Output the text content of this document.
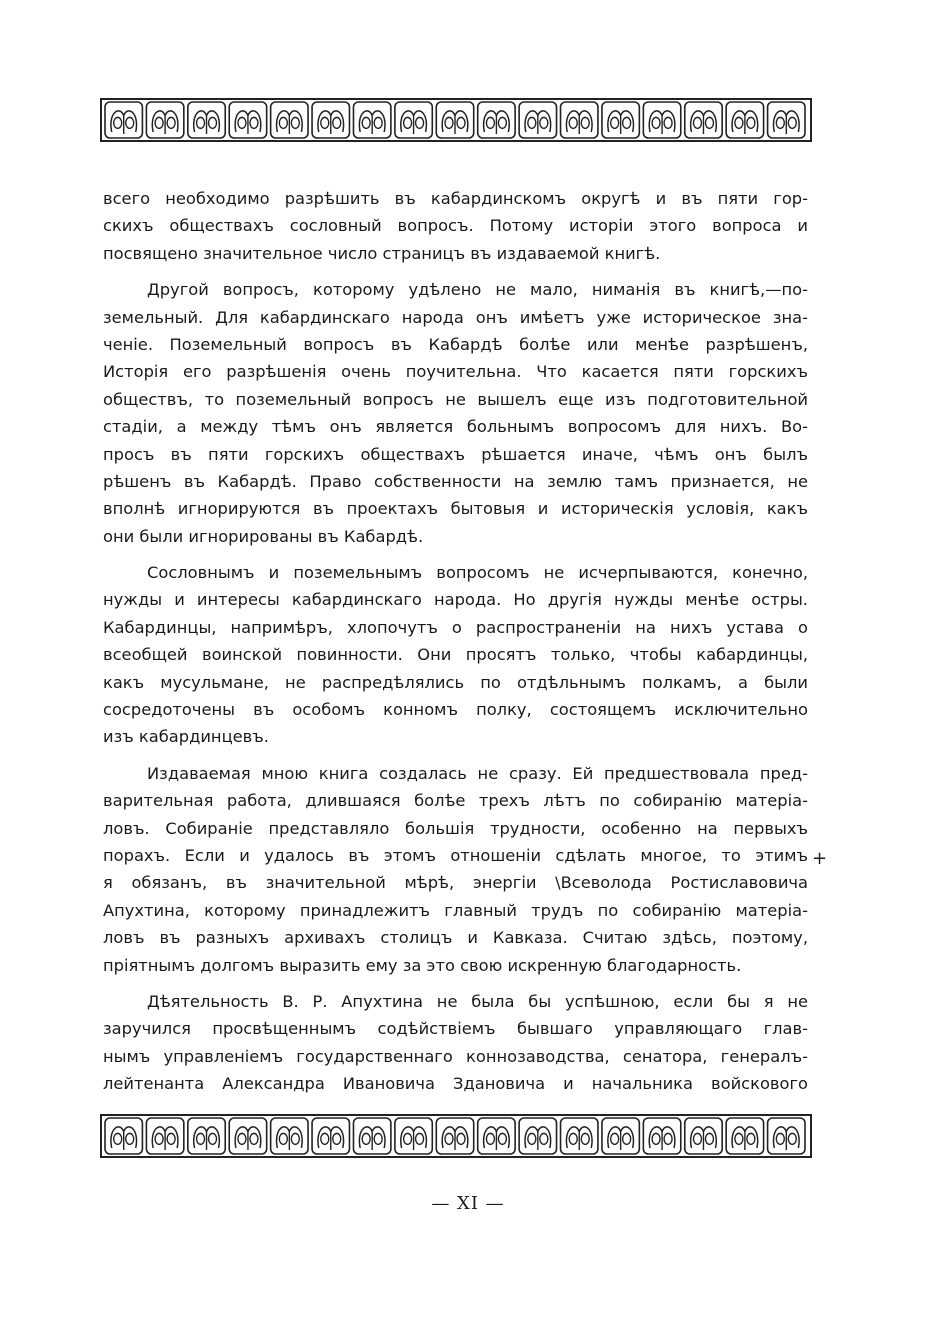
всего необходимо разрѣшить въ кабардинскомъ округѣ и въ пяти гор-
скихъ обществахъ сословный вопросъ. Потому исторіи этого вопроса и
посвящено значительное число страницъ въ издаваемой книгѣ.
Другой вопросъ, которому удѣлено не мало, ниманія въ книгѣ,—по-
земельный. Для кабардинскаго народа онъ имѣетъ уже историческое зна-
ченіе. Поземельный вопросъ въ Кабардѣ болѣе или менѣе разрѣшенъ,
Исторія его разрѣшенія очень поучительна. Что касается пяти горскихъ
обществъ, то поземельный вопросъ не вышелъ еще изъ подготовительной
стадіи, а между тѣмъ онъ является больнымъ вопросомъ для нихъ. Во-
просъ въ пяти горскихъ обществахъ рѣшается иначе, чѣмъ онъ былъ
рѣшенъ въ Кабардѣ. Право собственности на землю тамъ признается, не
вполнѣ игнорируются въ проектахъ бытовыя и историческія условія, какъ
они были игнорированы въ Кабардѣ.
Сословнымъ и поземельнымъ вопросомъ не исчерпываются, конечно,
нужды и интересы кабардинскаго народа. Но другія нужды менѣе остры.
Кабардинцы, напримѣръ, хлопочутъ о распространеніи на нихъ устава о
всеобщей воинской повинности. Они просятъ только, чтобы кабардинцы,
какъ мусульмане, не распредѣлялись по отдѣльнымъ полкамъ, а были
сосредоточены въ особомъ конномъ полку, состоящемъ исключительно
изъ кабардинцевъ.
Издаваемая мною книга создалась не сразу. Ей предшествовала пред-
варительная работа, длившаяся болѣе трехъ лѣтъ по собиранію матеріа-
ловъ. Собираніе представляло большія трудности, особенно на первыхъ
порахъ. Если и удалось въ этомъ отношеніи сдѣлать многое, то этимъ
я обязанъ, въ значительной мѣрѣ, энергіи \Всеволода Ростиславовича
Апухтина, которому принадлежитъ главный трудъ по собиранію матеріа-
ловъ въ разныхъ архивахъ столицъ и Кавказа. Считаю здѣсь, поэтому,
пріятнымъ долгомъ выразить ему за это свою искренную благодарность.
Дѣятельность В. Р. Апухтина не была бы успѣшною, если бы я не
заручился просвѣщеннымъ содѣйствіемъ бывшаго управляющаго глав-
нымъ управленіемъ государственнаго коннозаводства, сенатора, генералъ-
лейтенанта Александра Ивановича Здановича и начальника войскового
+
— XI —
